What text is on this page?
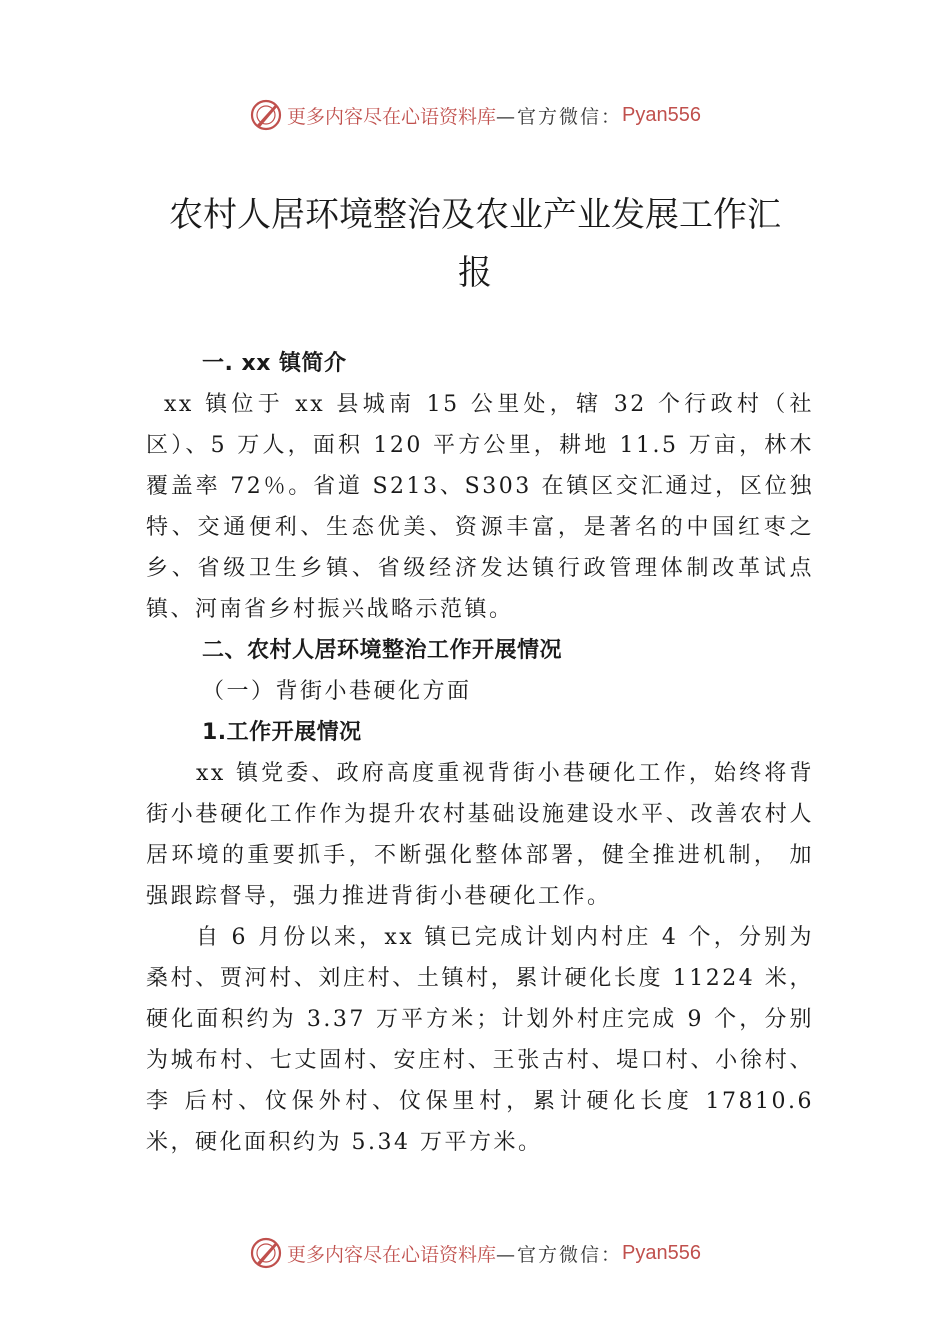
更多内容尽在心语资料库 —官方微信： Pyan556
农村人居环境整治及农业产业发展工作汇
报

一. xx 镇简介

xx 镇位于 xx 县城南 15 公里处，辖 32 个行政村（社区）、5 万人，面积 120 平方公里，耕地 11.5 万亩，林木覆盖率 72％。省道 S213、S303 在镇区交汇通过，区位独特、交通便利、生态优美、资源丰富，是著名的中国红枣之乡、省级卫生乡镇、省级经济发达镇行政管理体制改革试点镇、河南省乡村振兴战略示范镇。

二、农村人居环境整治工作开展情况

（一）背街小巷硬化方面

1.工作开展情况

xx 镇党委、政府高度重视背街小巷硬化工作，始终将背街小巷硬化工作作为提升农村基础设施建设水平、改善农村人居环境的重要抓手，不断强化整体部署，健全推进机制， 加强跟踪督导，强力推进背街小巷硬化工作。

自 6 月份以来，xx 镇已完成计划内村庄 4 个，分别为桑村、贾河村、刘庄村、土镇村，累计硬化长度 11224 米，硬化面积约为 3.37 万平方米；计划外村庄完成 9 个，分别为城布村、七丈固村、安庄村、王张古村、堤口村、小徐村、李 后村、伩保外村、伩保里村，累计硬化长度 17810.6 米，硬化面积约为 5.34 万平方米。

更多内容尽在心语资料库 —官方微信： Pyan556
